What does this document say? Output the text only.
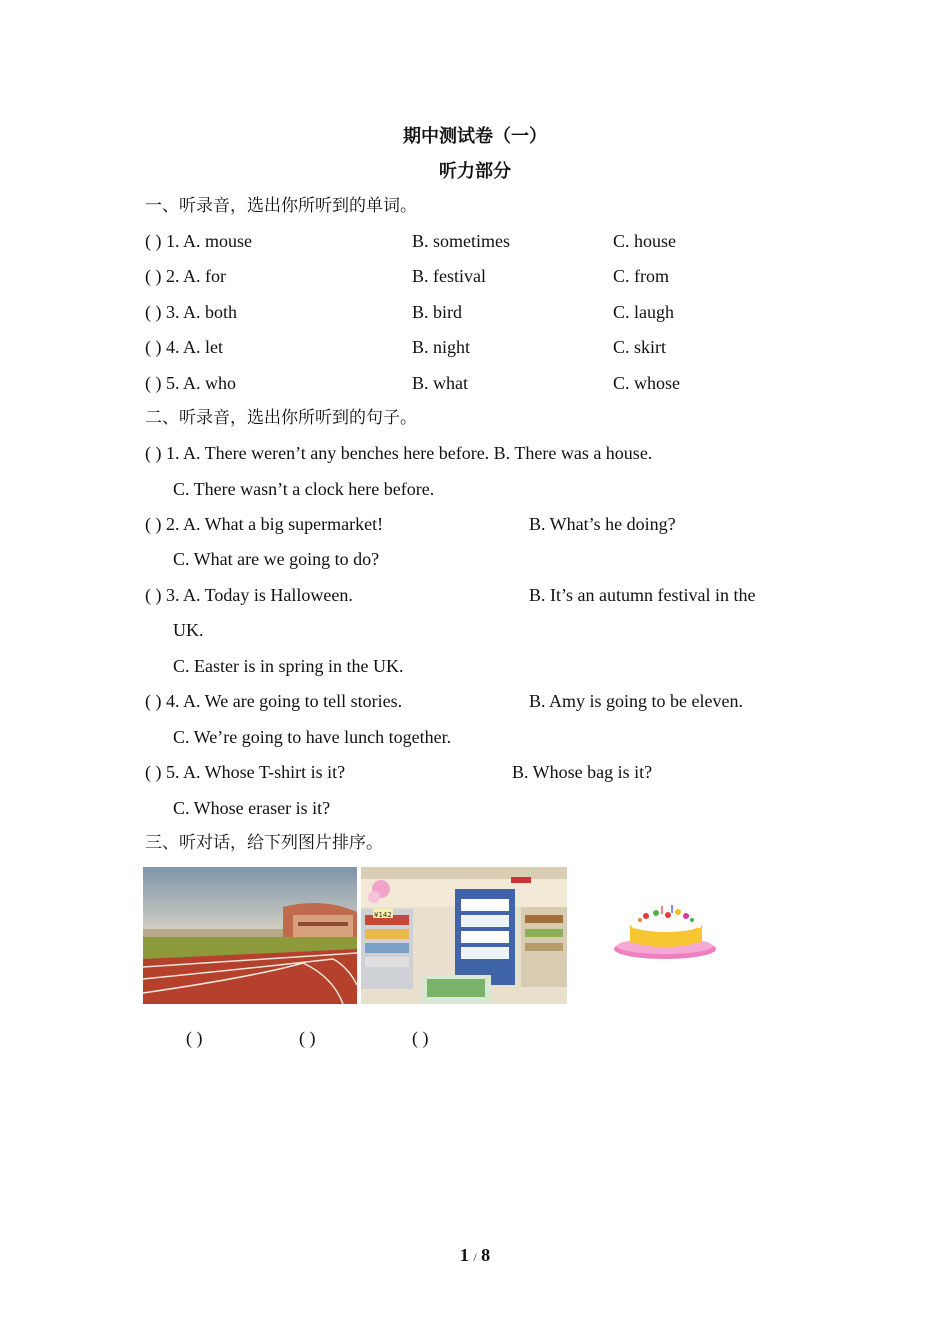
期中测试卷（一）
听力部分
一、听录音，选出你所听到的单词。
( ) 1. A. mouse	B. sometimes	C. house
( ) 2. A. for	B. festival	C. from
( ) 3. A. both	B. bird	C. laugh
( ) 4. A. let	B. night	C. skirt
( ) 5. A. who	B. what	C. whose
二、听录音，选出你所听到的句子。
( ) 1. A. There weren’t any benches here before. B. There was a house.
C. There wasn’t a clock here before.
( ) 2. A. What a big supermarket!	B. What’s he doing?
C. What are we going to do?
( ) 3. A. Today is Halloween.	B. It’s an autumn festival in the
UK.
C. Easter is in spring in the UK.
( ) 4. A. We are going to tell stories.	B. Amy is going to be eleven.
C. We’re going to have lunch together.
( ) 5. A. Whose T-shirt is it?	B. Whose bag is it?
C. Whose eraser is it?
三、听对话，给下列图片排序。
¥142
( )	( )	( )
1 / 8
